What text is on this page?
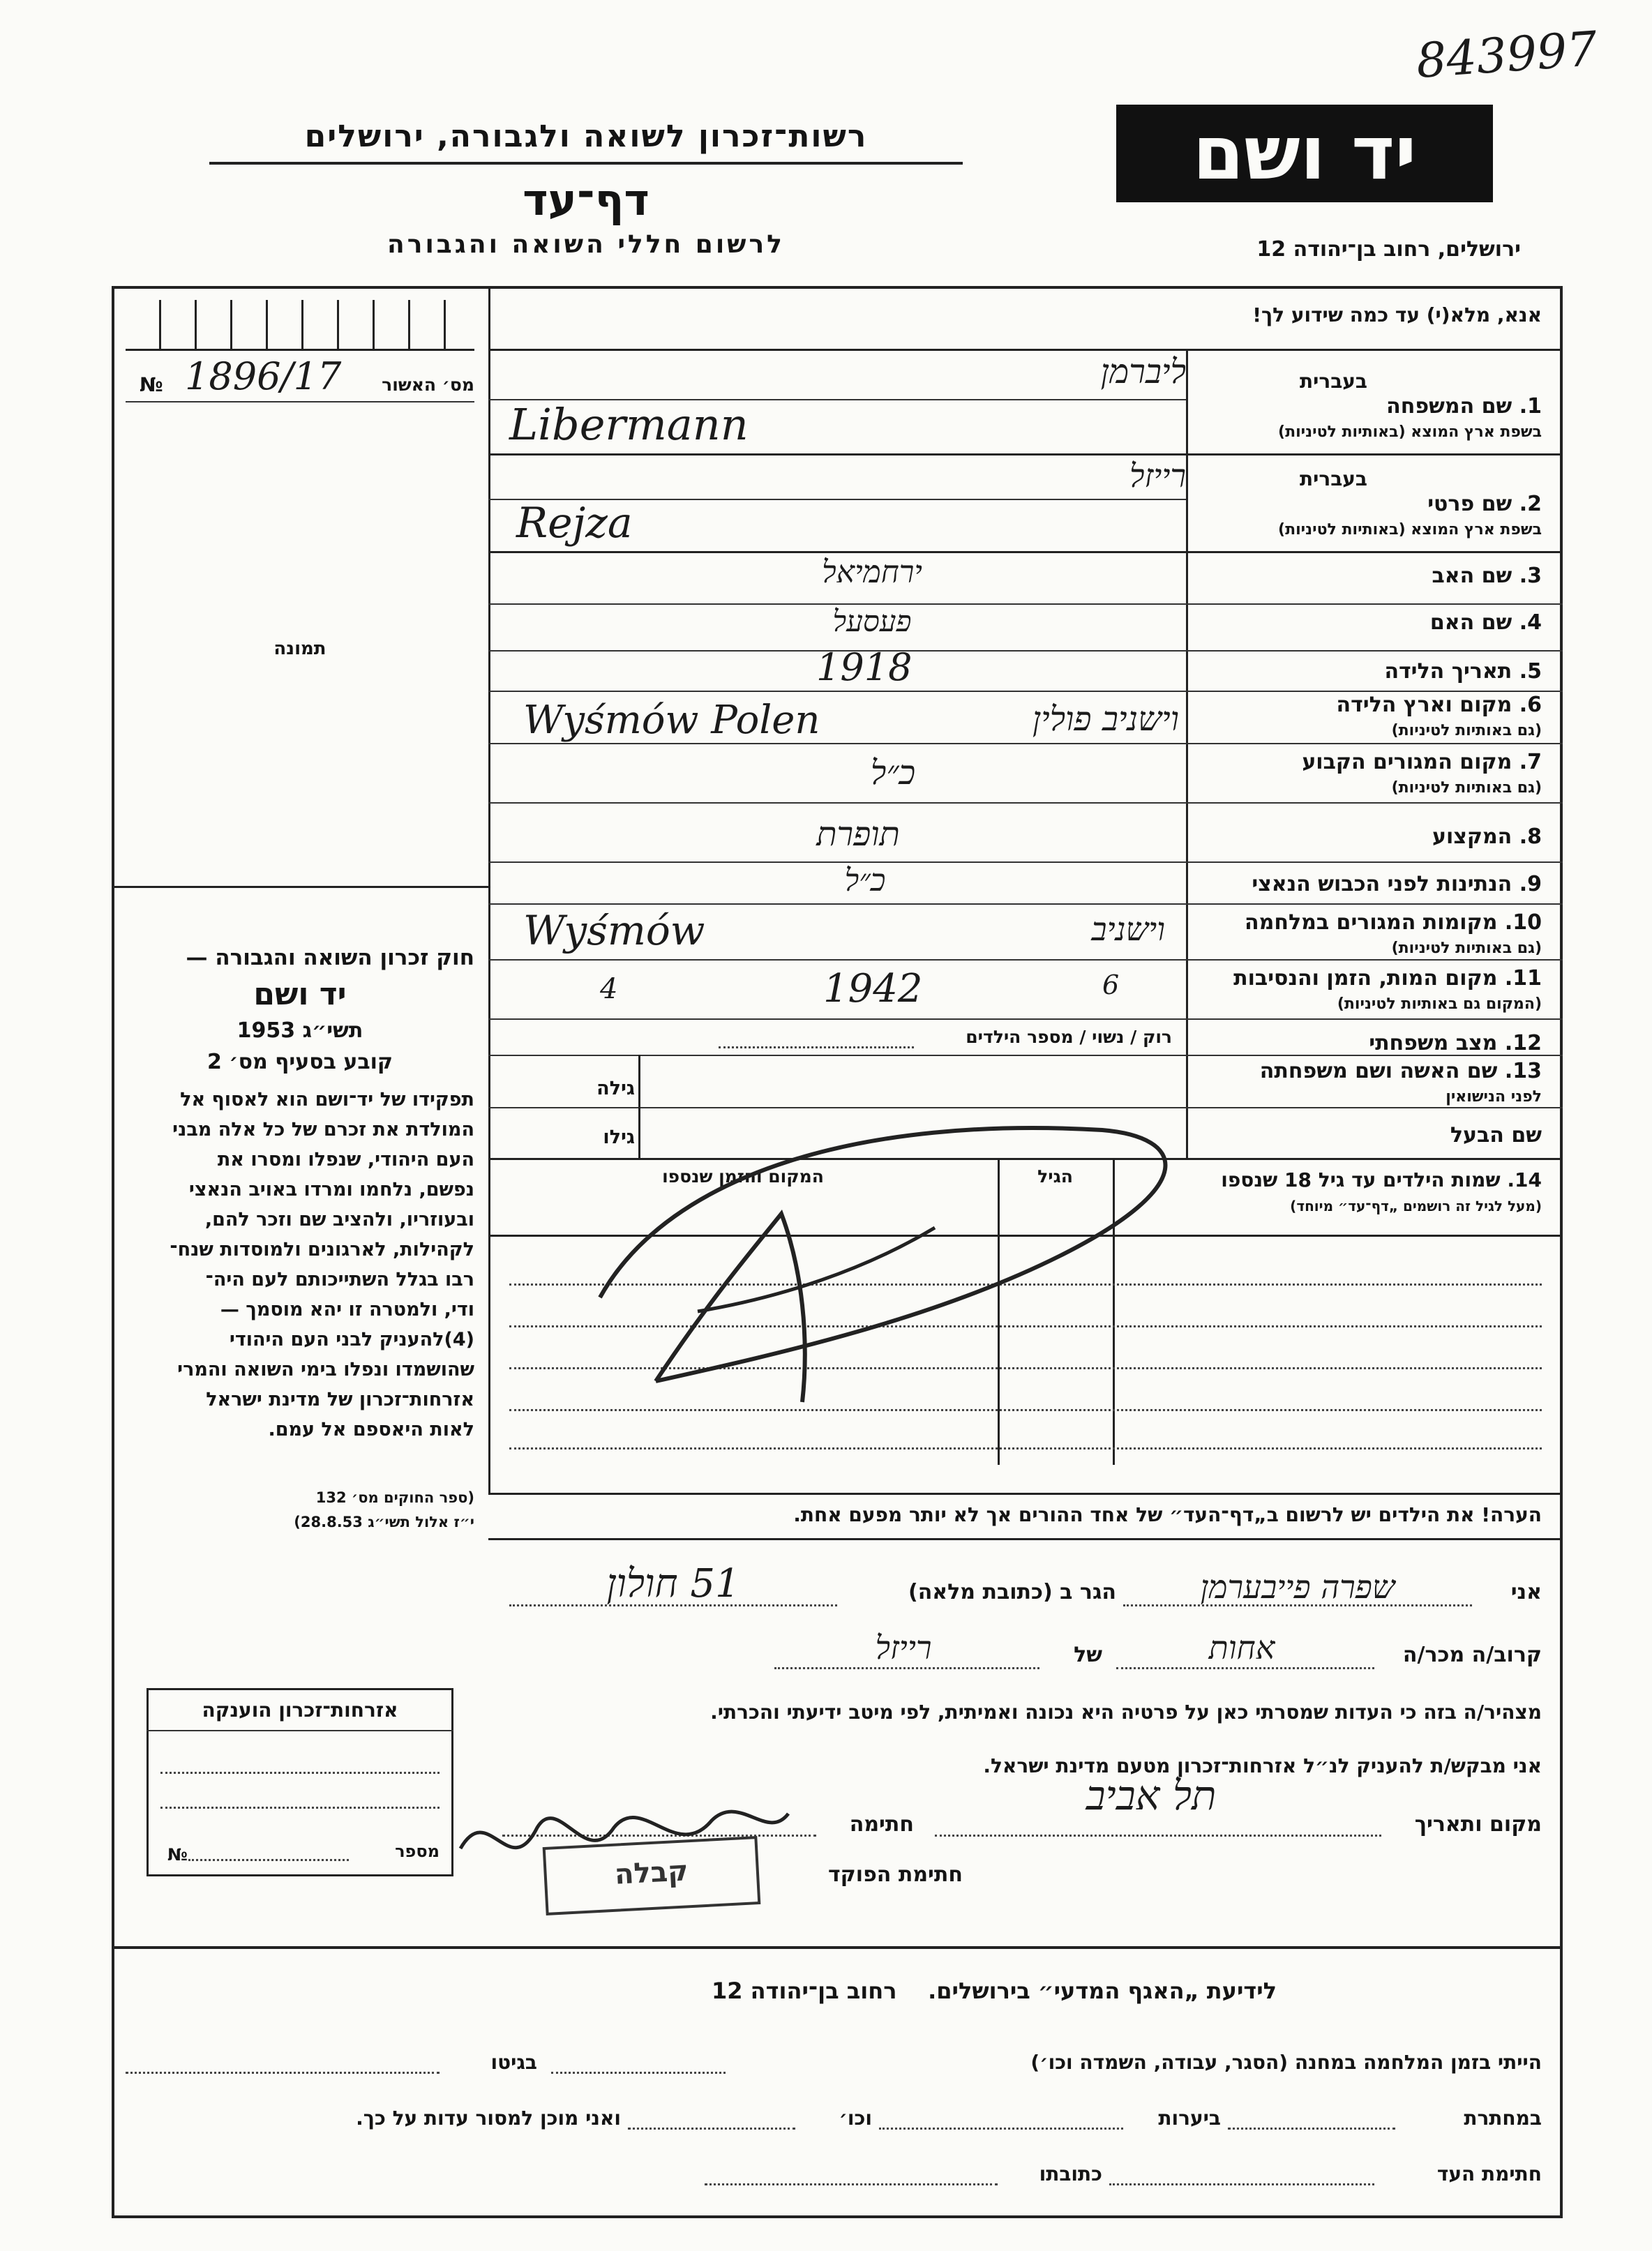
843997
רשות־זכרון לשואה ולגבורה, ירושלים
דף־עד
לרשום חללי השואה והגבורה
יד ושם
ירושלים, רחוב בן־יהודה 12
№ 1896/17	מס׳ האשור
תמונה
חוק זכרון השואה והגבורה —
יד ושם
תשי״ג 1953
קובע בסעיף מס׳ 2

תפקידו של יד־ושם הוא לאסוף אל

המולדת את זכרם של כל אלה מבני

העם היהודי, שנפלו ומסרו את

נפשם, נלחמו ומרדו באויב הנאצי

ובעוזריו, ולהציב שם וזכר להם,

לקהילות, לארגונים ולמוסדות שנח־

רבו בגלל השתייכותם לעם היה־

ודי, ולמטרה זו יהא מוסמך —

(4)להעניק לבני העם היהודי

שהושמדו ונפלו בימי השואה והמרי

אזרחות־זכרון של מדינת ישראל

לאות היאספם אל עמם.

(ספר החוקים מס׳ 132
י״ז אלול תשי״ג 28.8.53)
אזרחות־זכרון הוענקה
№	מספר
אנא, מלא(י) עד כמה שידוע לך!
בעברית
1. שם המשפחה
בשפת ארץ המוצא (באותיות לטיניות)
ליברמן
Libermann
בעברית
2. שם פרטי
בשפת ארץ המוצא (באותיות לטיניות)
רייזל
Rejza
3. שם האב
ירחמיאל
4. שם האם
פעסעל
5. תאריך הלידה
1918
6. מקום וארץ הלידה
(גם באותיות לטיניות)
Wyśmów Polen	וישניב פולין
7. מקום המגורים הקבוע
(גם באותיות לטיניות)
כ״ל
8. המקצוע
תופרת
9. הנתינות לפני הכבוש הנאצי
כ״ל
10. מקומות המגורים במלחמה
(גם באותיות לטיניות)
Wyśmów	וישניב
11. מקום המות, הזמן והנסיבות
(המקום גם באותיות לטיניות)
4	1942	6
12. מצב משפחתי
רוק / נשוי / מספר הילדים
13. שם האשה ושם משפחתה
לפני הנישואין
גילה
שם הבעל
גילו
14. שמות הילדים עד גיל 18 שנספו
(מעל לגיל זה רושמים „דף־עד״ מיוחד)
הגיל
המקום והזמן שנספו
הערה! את הילדים יש לרשום ב„דף־העד״ של אחד ההורים אך לא יותר מפעם אחת.
אני
שפרה פייבערמן
הגר ב (כתובת מלאה)
51 חולון
קרוב/ה מכר/ה
אחות
של
רייזל
מצהיר/ה בזה כי העדות שמסרתי כאן על פרטיה היא נכונה ואמיתית, לפי מיטב ידיעתי והכרתי.
אני מבקש/ת להעניק לנ״ל אזרחות־זכרון מטעם מדינת ישראל.
מקום ותאריך
תל אביב
חתימה
חתימת הפוקד
קבלה
לידיעת „האגף המדעי״ בירושלים.    רחוב בן־יהודה 12
הייתי בזמן המלחמה במחנה (הסגר, עבודה, השמדה וכו׳)
בגיטו
במחתרת
ביערות
וכו׳
ואני מוכן למסור עדות על כך.
חתימת העד
כתובתו
